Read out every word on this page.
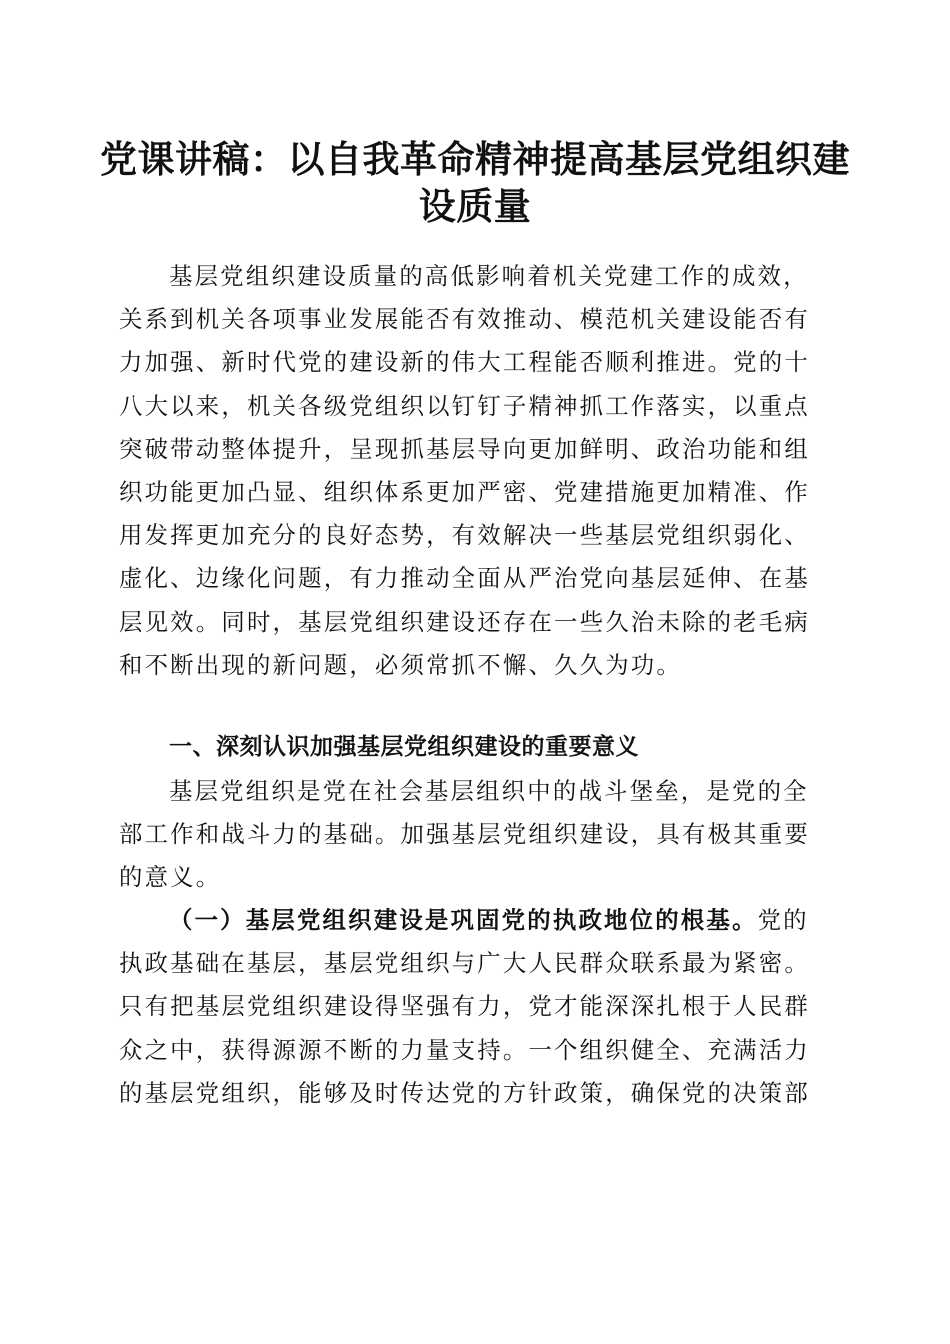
党课讲稿：以自我革命精神提高基层党组织建
设质量
基层党组织建设质量的高低影响着机关党建工作的成效，
关系到机关各项事业发展能否有效推动、模范机关建设能否有
力加强、新时代党的建设新的伟大工程能否顺利推进。党的十
八大以来，机关各级党组织以钉钉子精神抓工作落实，以重点
突破带动整体提升，呈现抓基层导向更加鲜明、政治功能和组
织功能更加凸显、组织体系更加严密、党建措施更加精准、作
用发挥更加充分的良好态势，有效解决一些基层党组织弱化、
虚化、边缘化问题，有力推动全面从严治党向基层延伸、在基
层见效。同时，基层党组织建设还存在一些久治未除的老毛病
和不断出现的新问题，必须常抓不懈、久久为功。
一、深刻认识加强基层党组织建设的重要意义
基层党组织是党在社会基层组织中的战斗堡垒，是党的全
部工作和战斗力的基础。加强基层党组织建设，具有极其重要
的意义。
（一）基层党组织建设是巩固党的执政地位的根基。党的
执政基础在基层，基层党组织与广大人民群众联系最为紧密。
只有把基层党组织建设得坚强有力，党才能深深扎根于人民群
众之中，获得源源不断的力量支持。一个组织健全、充满活力
的基层党组织，能够及时传达党的方针政策，确保党的决策部
